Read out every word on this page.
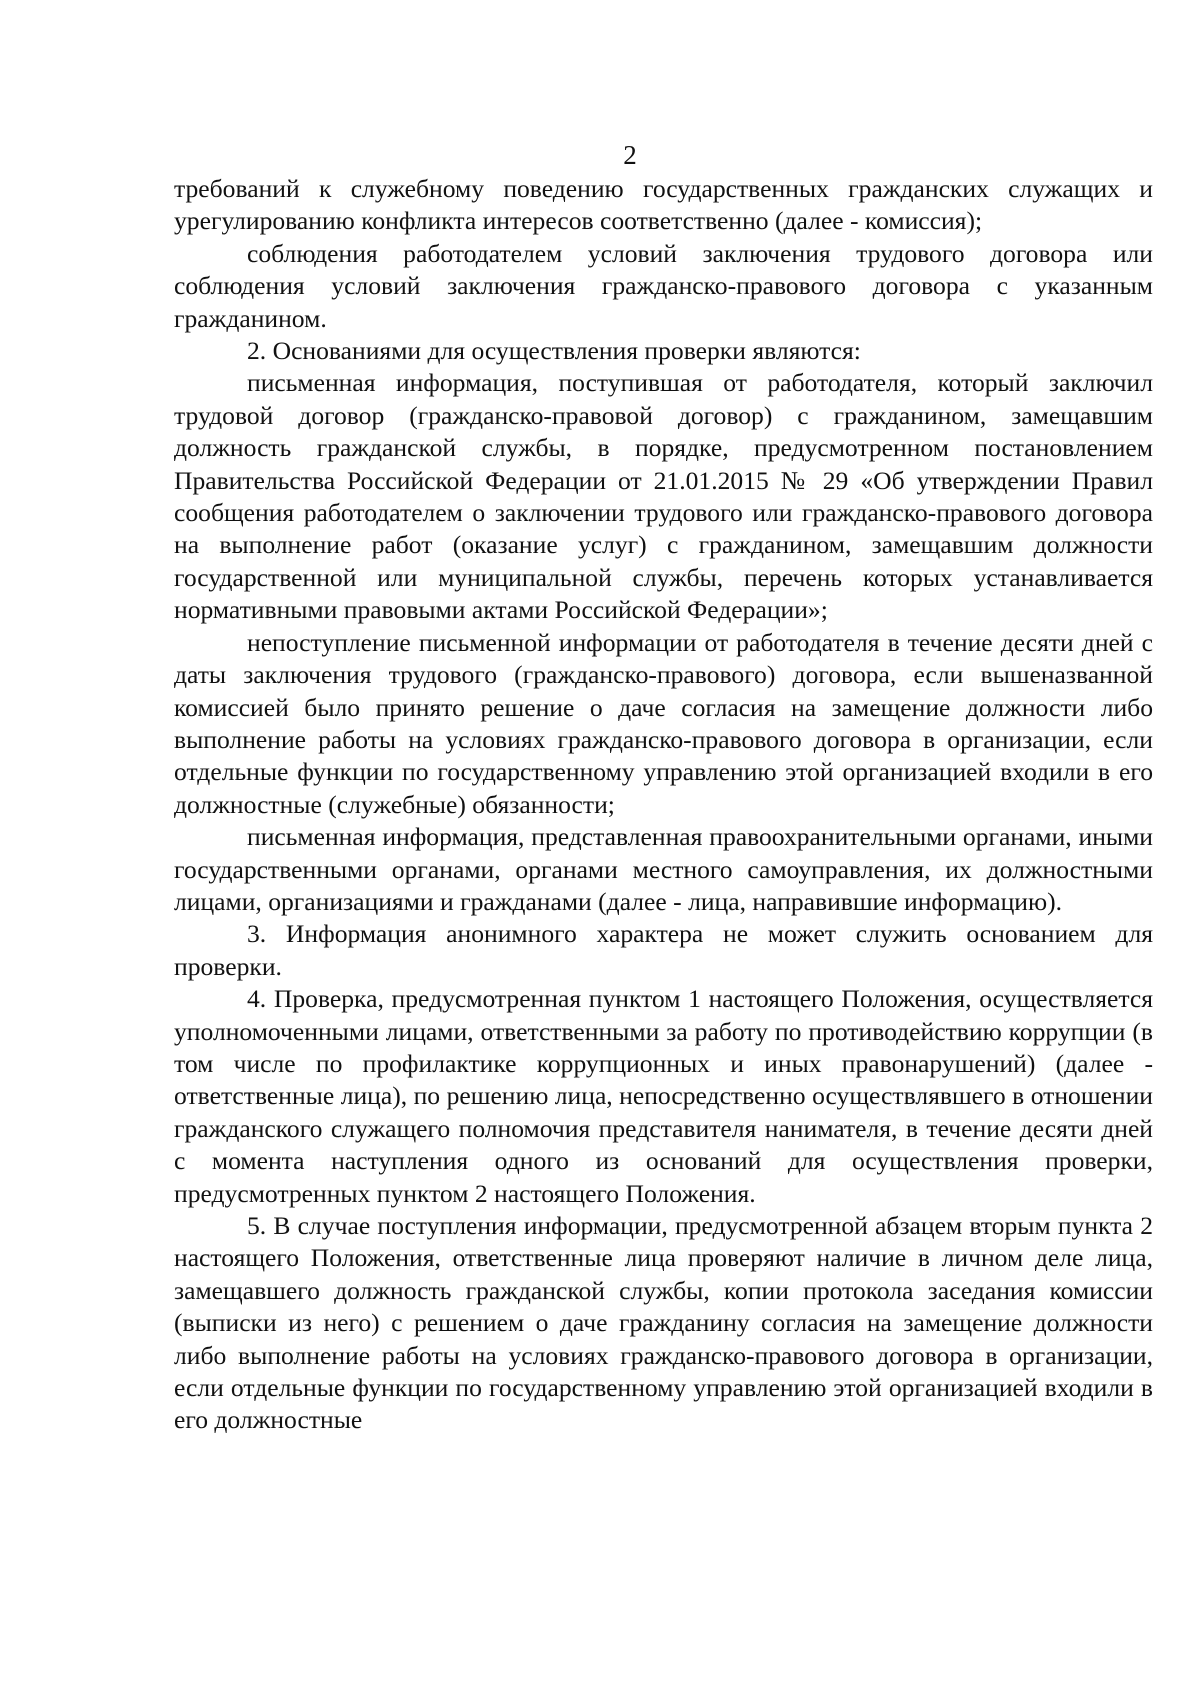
2

требований к служебному поведению государственных гражданских служащих и урегулированию конфликта интересов соответственно (далее - комиссия);

соблюдения работодателем условий заключения трудового договора или соблюдения условий заключения гражданско-правового договора с указанным гражданином.

2. Основаниями для осуществления проверки являются:

письменная информация, поступившая от работодателя, который заключил трудовой договор (гражданско-правовой договор) с гражданином, замещавшим должность гражданской службы, в порядке, предусмотренном постановлением Правительства Российской Федерации от 21.01.2015 № 29 «Об утверждении Правил сообщения работодателем о заключении трудового или гражданско-правового договора на выполнение работ (оказание услуг) с гражданином, замещавшим должности государственной или муниципальной службы, перечень которых устанавливается нормативными правовыми актами Российской Федерации»;

непоступление письменной информации от работодателя в течение десяти дней с даты заключения трудового (гражданско-правового) договора, если вышеназванной комиссией было принято решение о даче согласия на замещение должности либо выполнение работы на условиях гражданско-правового договора в организации, если отдельные функции по государственному управлению этой организацией входили в его должностные (служебные) обязанности;

письменная информация, представленная правоохранительными органами, иными государственными органами, органами местного самоуправления, их должностными лицами, организациями и гражданами (далее - лица, направившие информацию).

3. Информация анонимного характера не может служить основанием для проверки.

4. Проверка, предусмотренная пунктом 1 настоящего Положения, осуществляется уполномоченными лицами, ответственными за работу по противодействию коррупции (в том числе по профилактике коррупционных и иных правонарушений) (далее - ответственные лица), по решению лица, непосредственно осуществлявшего в отношении гражданского служащего полномочия представителя нанимателя, в течение десяти дней с момента наступления одного из оснований для осуществления проверки, предусмотренных пунктом 2 настоящего Положения.

5. В случае поступления информации, предусмотренной абзацем вторым пункта 2 настоящего Положения, ответственные лица проверяют наличие в личном деле лица, замещавшего должность гражданской службы, копии протокола заседания комиссии (выписки из него) с решением о даче гражданину согласия на замещение должности либо выполнение работы на условиях гражданско-правового договора в организации, если отдельные функции по государственному управлению этой организацией входили в его должностные
